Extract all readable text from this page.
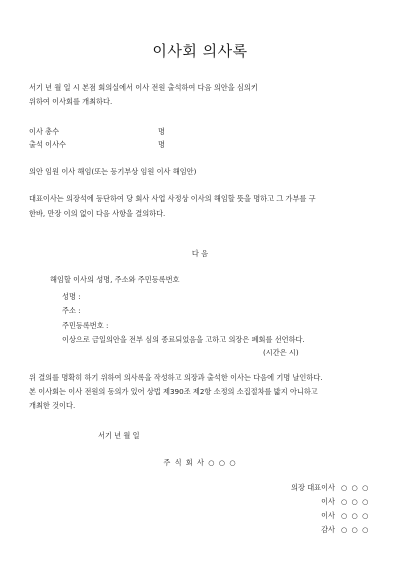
이사회 의사록
서기 년 월 일 시 본점 회의실에서 이사 전원 출석하여 다음 의안을 심의키
위하여 이사회를 개최하다.
이사 총수	명
출석 이사수	명
의안 임원 이사 해임(또는 등기부상 임원 이사 해임안)
대표이사는 의장석에 등단하여 당 회사 사업 사정상 이사의 해임할 뜻을 명하고 그 가부를 구
한바, 만장 이의 없이 다음 사항을 결의하다.
다 음
해임할 이사의 성명, 주소와 주민등록번호
성명 :
주소 :
주민등록번호 :
이상으로 금일의안을 전부 심의 종료되었음을 고하고 의장은 폐회를 선언하다.
(시간은 시)
위 결의를 명확히 하기 위하여 의사록을 작성하고 의장과 출석한 이사는 다음에 기명 날인하다.
본 이사회는 이사 전원의 동의가 있어 상법 제390조 제2항 소정의 소집절차를 밟지 아니하고
개최한 것이다.
서기 년 월 일
주 식 회 사 ○ ○ ○
의장 대표이사 ○ ○ ○
이사 ○ ○ ○
이사 ○ ○ ○
감사 ○ ○ ○
